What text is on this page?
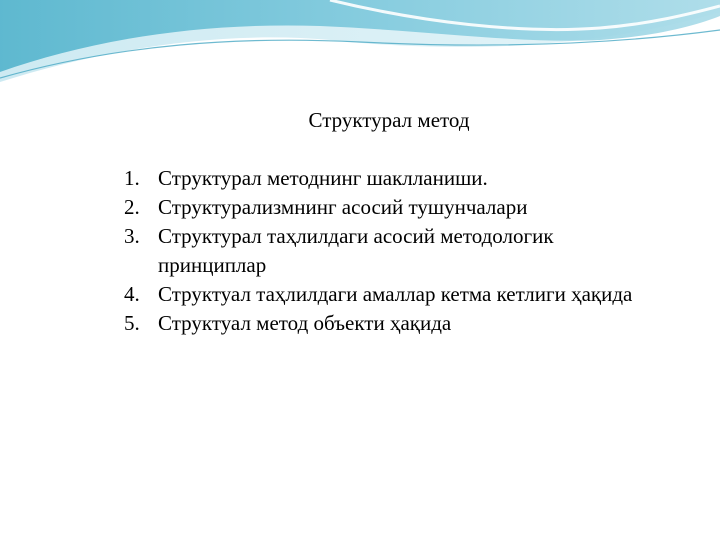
Структурал метод
1. Структурал методнинг шаклланиши.
2. Структурализмнинг асосий тушунчалари
3. Структурал таҳлилдаги асосий методологик принциплар
4. Структуал таҳлилдаги амаллар кетма кетлиги ҳақида
5. Структуал метод объекти ҳақида
